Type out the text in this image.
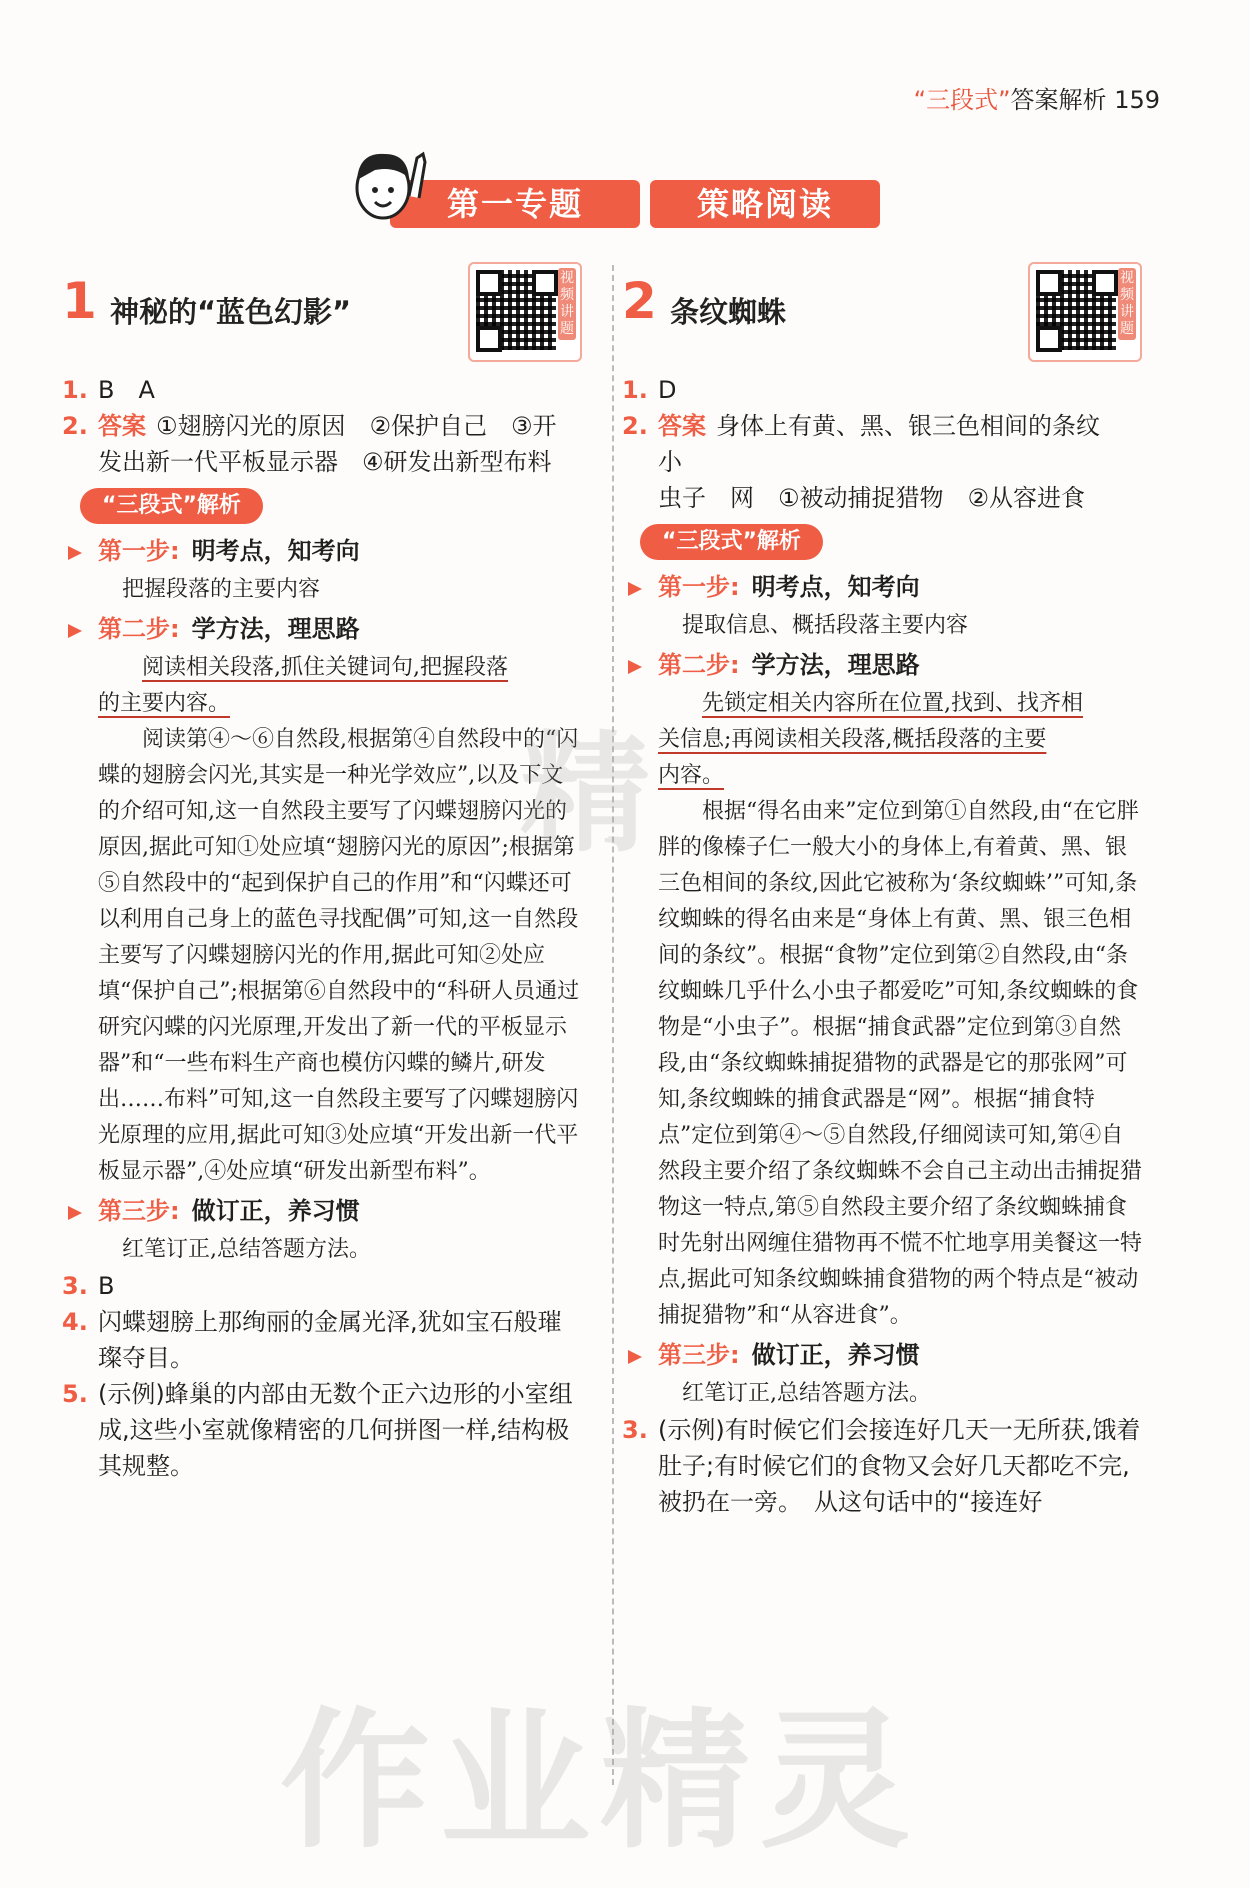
“三段式”答案解析 159
第一专题	策略阅读
1 神秘的“蓝色幻影”
视频讲题

1. B　A

2. 答案 ①翅膀闪光的原因　②保护自己　③开
发出新一代平板显示器　④研发出新型布料

“三段式”解析
第一步: 明考点，知考向

把握段落的主要内容

第二步: 学方法，理思路

阅读相关段落,抓住关键词句,把握段落
的主要内容。

阅读第④～⑥自然段,根据第④自然段中的“闪蝶的翅膀会闪光,其实是一种光学效应”,以及下文的介绍可知,这一自然段主要写了闪蝶翅膀闪光的原因,据此可知①处应填“翅膀闪光的原因”;根据第⑤自然段中的“起到保护自己的作用”和“闪蝶还可以利用自己身上的蓝色寻找配偶”可知,这一自然段主要写了闪蝶翅膀闪光的作用,据此可知②处应填“保护自己”;根据第⑥自然段中的“科研人员通过研究闪蝶的闪光原理,开发出了新一代的平板显示器”和“一些布料生产商也模仿闪蝶的鳞片,研发出……布料”可知,这一自然段主要写了闪蝶翅膀闪光原理的应用,据此可知③处应填“开发出新一代平板显示器”,④处应填“研发出新型布料”。

第三步: 做订正，养习惯

红笔订正,总结答题方法。

3. B

4. 闪蝶翅膀上那绚丽的金属光泽,犹如宝石般璀璨夺目。

5. (示例)蜂巢的内部由无数个正六边形的小室组成,这些小室就像精密的几何拼图一样,结构极其规整。

2 条纹蜘蛛
视频讲题

1. D

2. 答案 身体上有黄、黑、银三色相间的条纹　小
虫子　网　①被动捕捉猎物　②从容进食

“三段式”解析
第一步: 明考点，知考向

提取信息、概括段落主要内容

第二步: 学方法，理思路

先锁定相关内容所在位置,找到、找齐相
关信息;再阅读相关段落,概括段落的主要
内容。

根据“得名由来”定位到第①自然段,由“在它胖胖的像榛子仁一般大小的身体上,有着黄、黑、银三色相间的条纹,因此它被称为‘条纹蜘蛛’”可知,条纹蜘蛛的得名由来是“身体上有黄、黑、银三色相间的条纹”。根据“食物”定位到第②自然段,由“条纹蜘蛛几乎什么小虫子都爱吃”可知,条纹蜘蛛的食物是“小虫子”。根据“捕食武器”定位到第③自然段,由“条纹蜘蛛捕捉猎物的武器是它的那张网”可知,条纹蜘蛛的捕食武器是“网”。根据“捕食特点”定位到第④～⑤自然段,仔细阅读可知,第④自然段主要介绍了条纹蜘蛛不会自己主动出击捕捉猎物这一特点,第⑤自然段主要介绍了条纹蜘蛛捕食时先射出网缠住猎物再不慌不忙地享用美餐这一特点,据此可知条纹蜘蛛捕食猎物的两个特点是“被动捕捉猎物”和“从容进食”。

第三步: 做订正，养习惯

红笔订正,总结答题方法。

3. (示例)有时候它们会接连好几天一无所获,饿着肚子;有时候它们的食物又会好几天都吃不完,被扔在一旁。　从这句话中的“接连好

精
作业精灵
